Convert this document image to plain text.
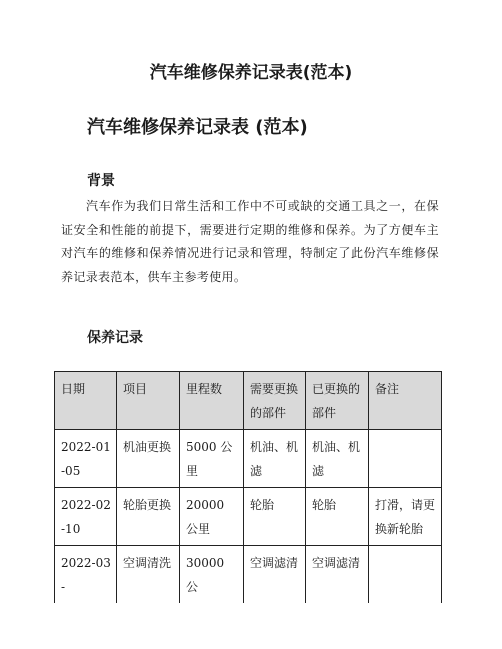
汽车维修保养记录表(范本)
汽车维修保养记录表 (范本)
背景

汽车作为我们日常生活和工作中不可或缺的交通工具之一，在保证安全和性能的前提下，需要进行定期的维修和保养。为了方便车主对汽车的维修和保养情况进行记录和管理，特制定了此份汽车维修保养记录表范本，供车主参考使用。

保养记录
日期	项目	里程数	需要更换的部件	已更换的部件	备注
2022-01-05	机油更换	5000 公里	机油、机滤	机油、机滤	
2022-02-10	轮胎更换	20000 公里	轮胎	轮胎	打滑，请更换新轮胎
2022-03-	空调清洗	30000 公	空调滤清	空调滤清	
